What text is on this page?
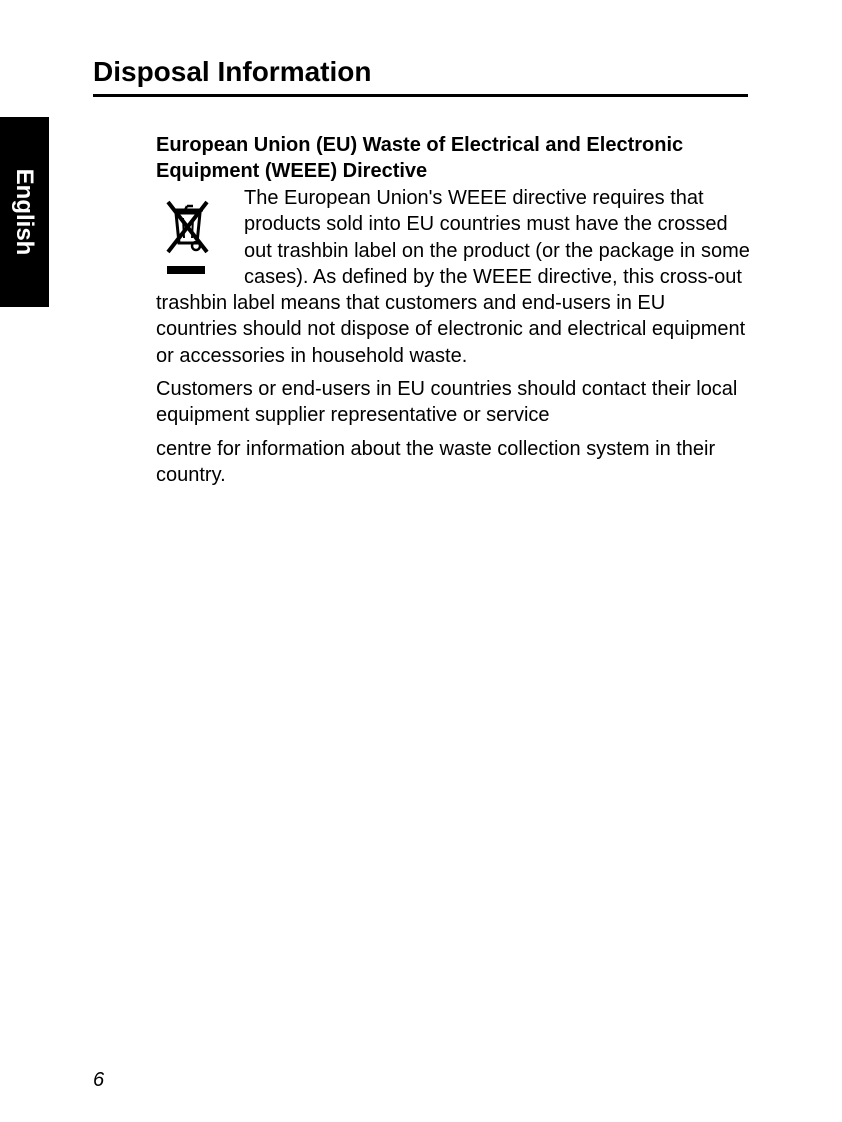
Disposal Information
English

European Union (EU) Waste of Electrical and Electronic
Equipment (WEEE) Directive

The European Union's WEEE directive requires that products sold into EU countries must have the crossed out trashbin label on the product (or the package in some cases). As defined by the WEEE directive, this cross-out trashbin label means that customers and end-users in EU countries should not dispose of electronic and electrical equipment or accessories in household waste.

Customers or end-users in EU countries should contact their local equipment supplier representative or service

centre for information about the waste collection system in their country.

6
